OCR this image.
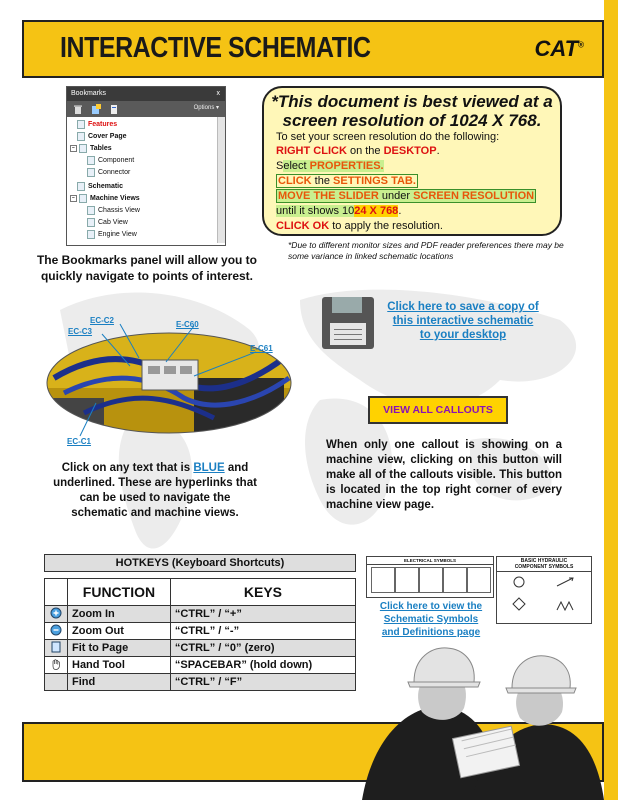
INTERACTIVE SCHEMATIC	CAT®
Bookmarks	x
Options ▾
Features
Cover Page
− Tables
Component
Connector
Schematic
− Machine Views
Chassis View
Cab View
Engine View
The Bookmarks panel will allow you to quickly navigate to points of interest.
*This document is best viewed at a
screen resolution of 1024 X 768.
To set your screen resolution do the following:
RIGHT CLICK on the DESKTOP.
Select PROPERTIES.
CLICK the SETTINGS TAB.
MOVE THE SLIDER under SCREEN RESOLUTION
until it shows 1024 X 768.
CLICK OK to apply the resolution.
*Due to different monitor sizes and PDF reader preferences there may be some variance in linked schematic locations
Click here to save a copy of
this interactive schematic
to your desktop
VIEW ALL CALLOUTS
When only one callout is showing on a machine view, clicking on this button will make all of the callouts visible. This button is located in the top right corner of every machine view page.
EC-C2
EC-C3
E-C60
E-C61
EC-C1
Click on any text that is BLUE and underlined. These are hyperlinks that can be used to navigate the schematic and machine views.
HOTKEYS (Keyboard Shortcuts)
	FUNCTION	KEYS
	Zoom In	“CTRL” / “+”
	Zoom Out	“CTRL” / “-”
	Fit to Page	“CTRL” / “0” (zero)
	Hand Tool	“SPACEBAR” (hold down)
	Find	“CTRL” / “F”
ELECTRICAL SYMBOLS	BASIC HYDRAULIC
COMPONENT SYMBOLS
Click here to view the
Schematic Symbols
and Definitions page
